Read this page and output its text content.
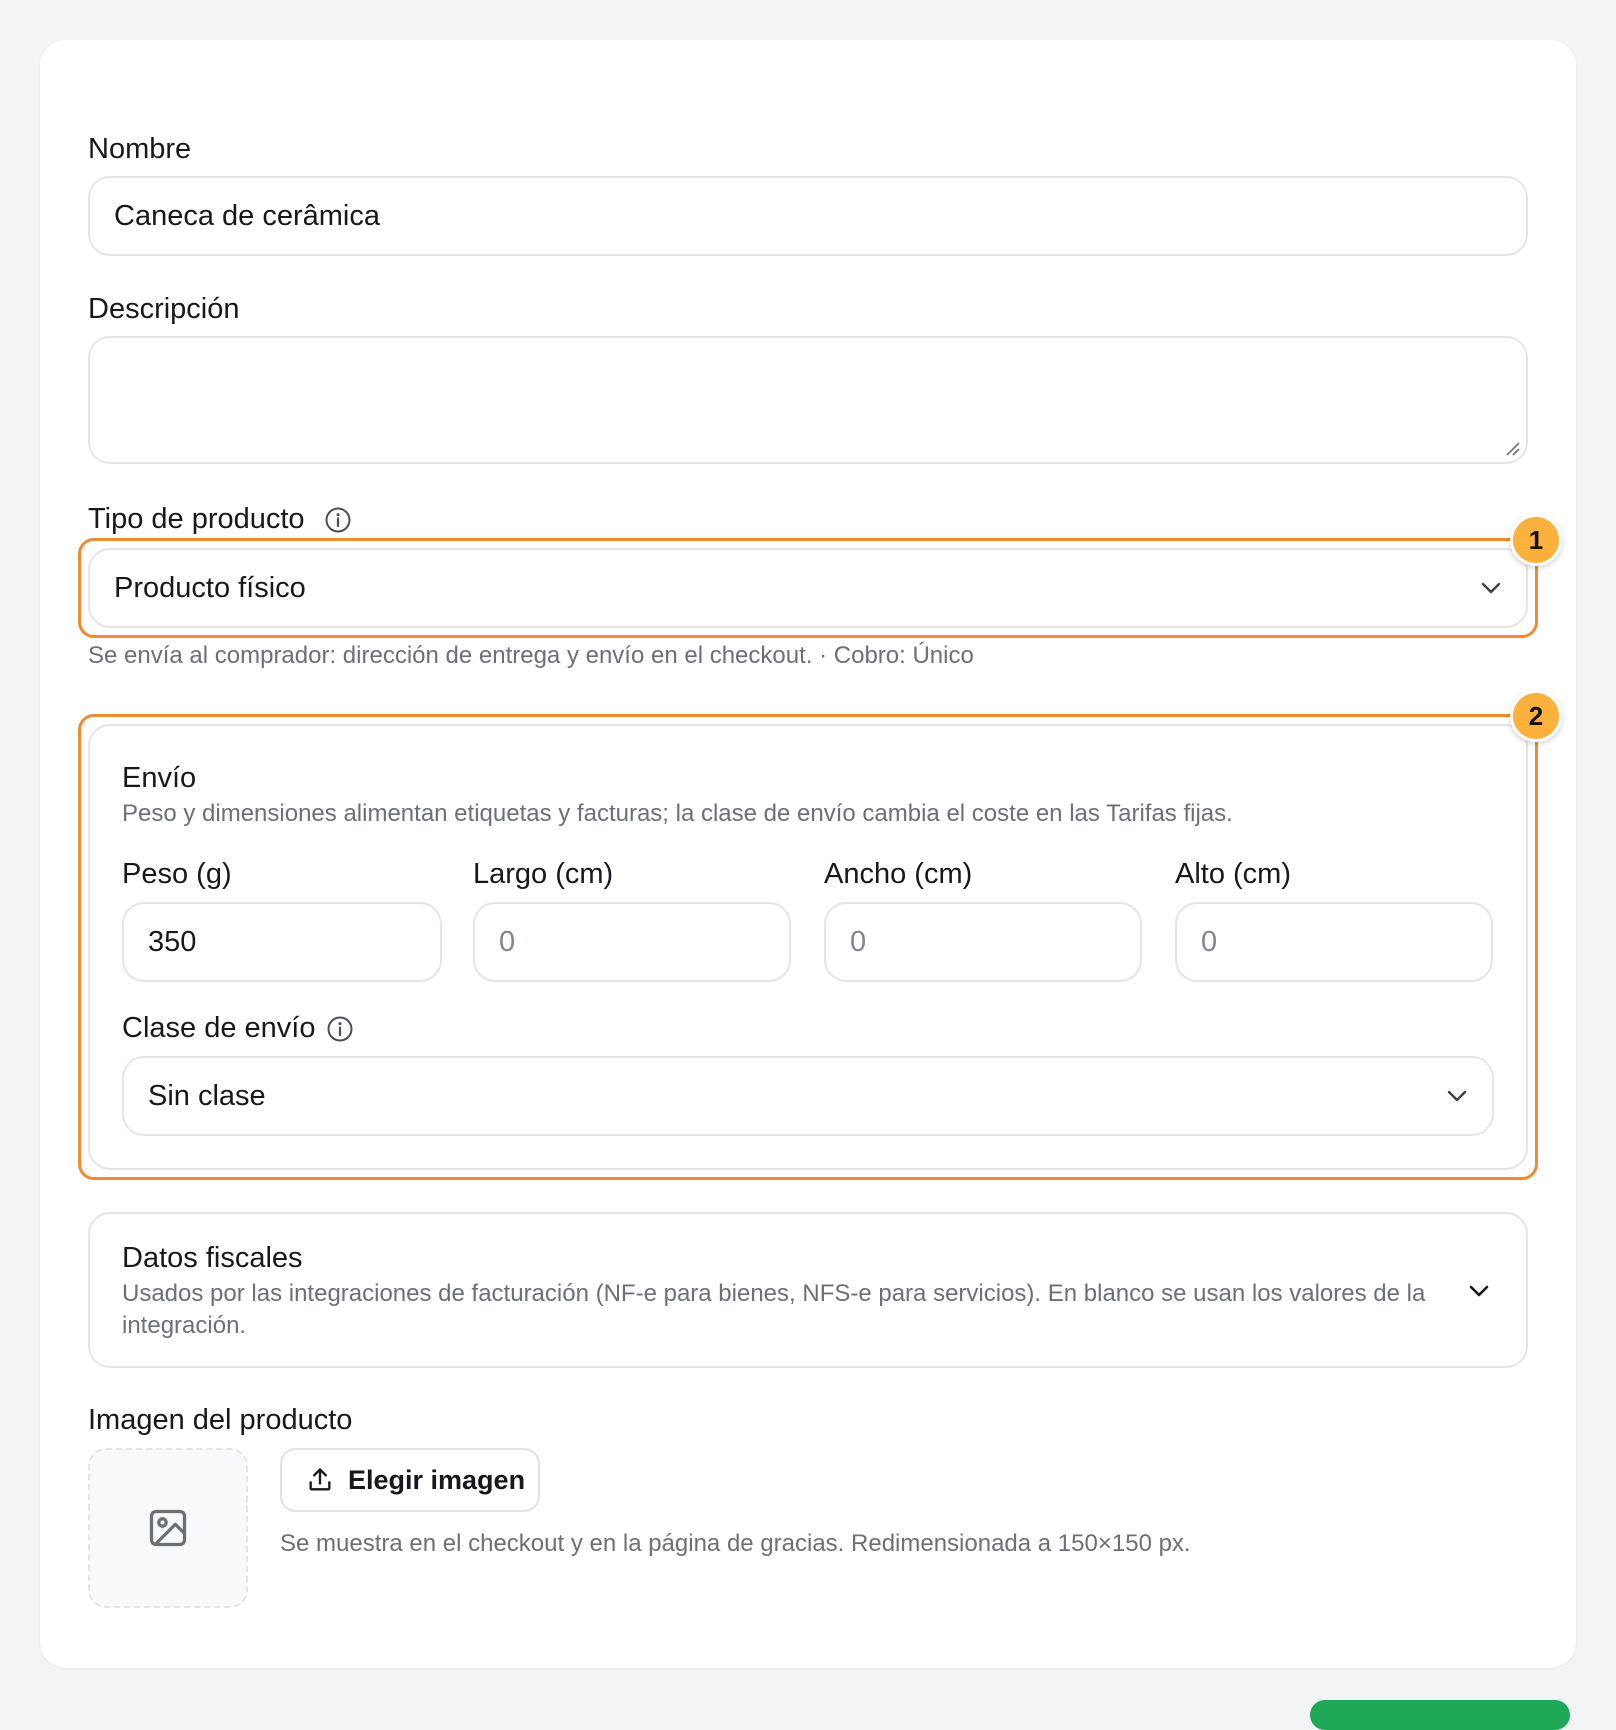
Nombre
Caneca de cerâmica
Descripción
Tipo de producto
Producto físico
1
Se envía al comprador: dirección de entrega y envío en el checkout. · Cobro: Único
2
Envío
Peso y dimensiones alimentan etiquetas y facturas; la clase de envío cambia el coste en las Tarifas fijas.
Peso (g)	Largo (cm)	Ancho (cm)	Alto (cm)
350	0	0	0
Clase de envío
Sin clase
Datos fiscales
Usados por las integraciones de facturación (NF-e para bienes, NFS-e para servicios). En blanco se usan los valores de la
integración.
Imagen del producto
Elegir imagen
Se muestra en el checkout y en la página de gracias. Redimensionada a 150×150 px.
